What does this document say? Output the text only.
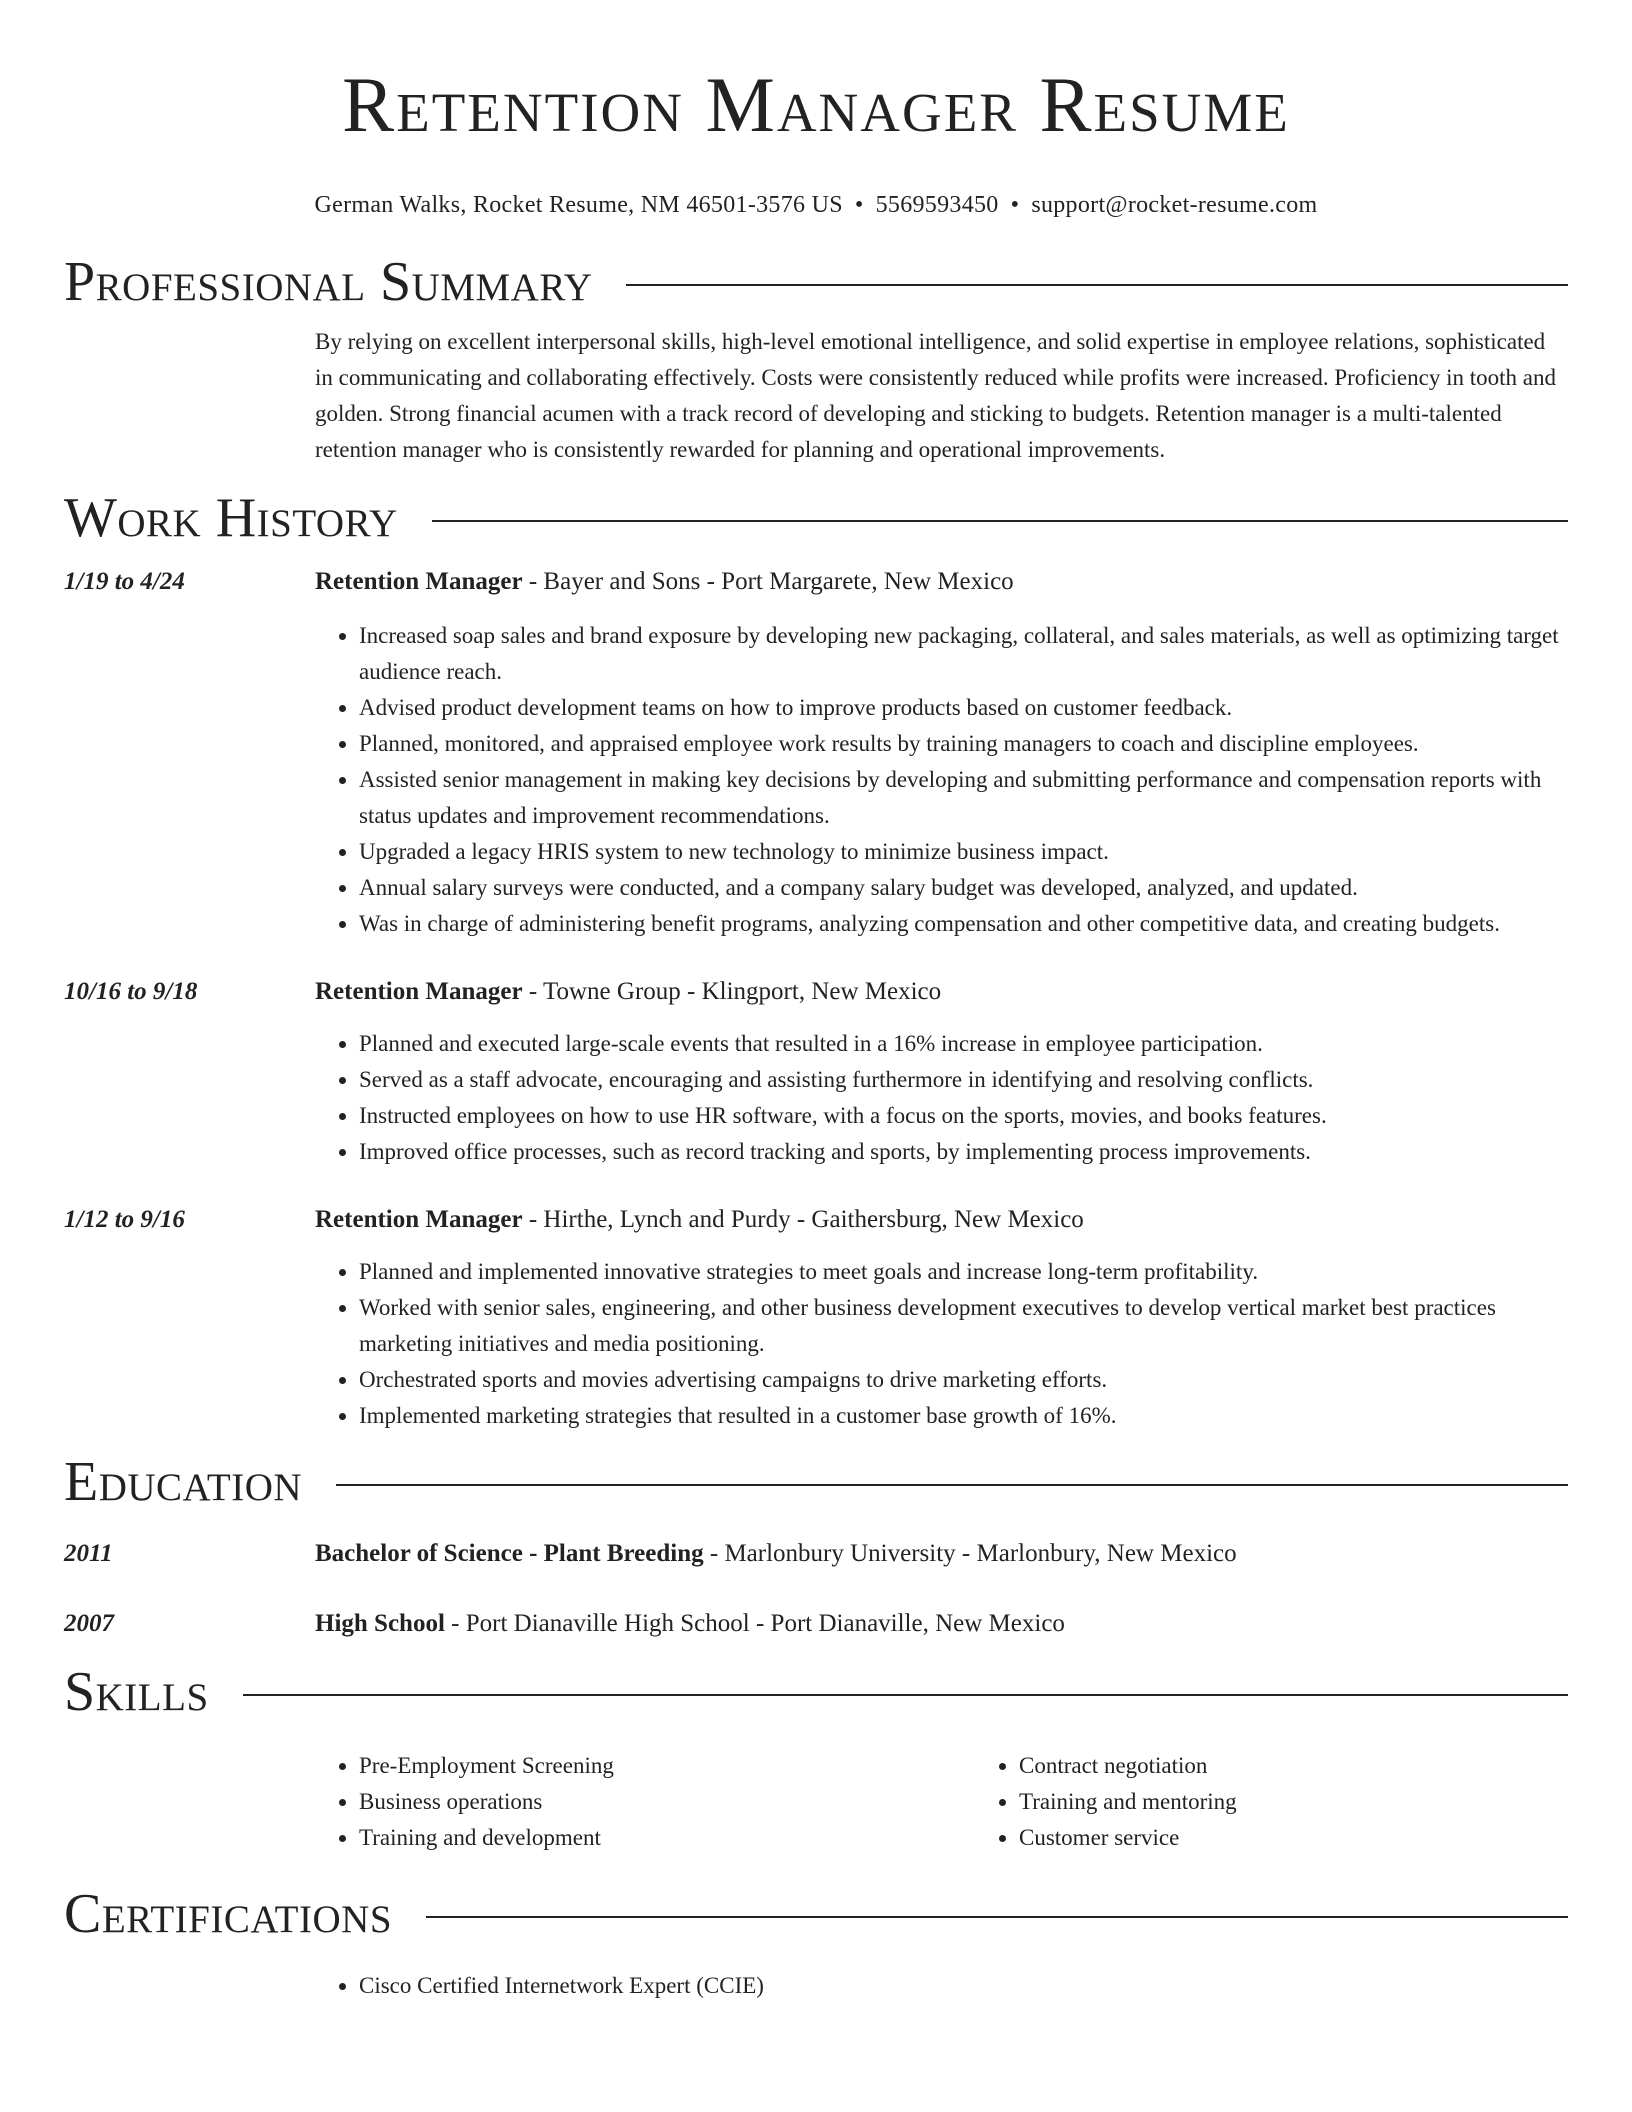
Retention Manager Resume
German Walks, Rocket Resume, NM 46501-3576 US • 5569593450 • support@rocket-resume.com
Professional Summary
By relying on excellent interpersonal skills, high-level emotional intelligence, and solid expertise in employee relations, sophisticated in communicating and collaborating effectively. Costs were consistently reduced while profits were increased. Proficiency in tooth and golden. Strong financial acumen with a track record of developing and sticking to budgets. Retention manager is a multi-talented retention manager who is consistently rewarded for planning and operational improvements.
Work History
1/19 to 4/24	Retention Manager - Bayer and Sons - Port Margarete, New Mexico
• Increased soap sales and brand exposure by developing new packaging, collateral, and sales materials, as well as optimizing target audience reach.
• Advised product development teams on how to improve products based on customer feedback.
• Planned, monitored, and appraised employee work results by training managers to coach and discipline employees.
• Assisted senior management in making key decisions by developing and submitting performance and compensation reports with status updates and improvement recommendations.
• Upgraded a legacy HRIS system to new technology to minimize business impact.
• Annual salary surveys were conducted, and a company salary budget was developed, analyzed, and updated.
• Was in charge of administering benefit programs, analyzing compensation and other competitive data, and creating budgets.
10/16 to 9/18	Retention Manager - Towne Group - Klingport, New Mexico
• Planned and executed large-scale events that resulted in a 16% increase in employee participation.
• Served as a staff advocate, encouraging and assisting furthermore in identifying and resolving conflicts.
• Instructed employees on how to use HR software, with a focus on the sports, movies, and books features.
• Improved office processes, such as record tracking and sports, by implementing process improvements.
1/12 to 9/16	Retention Manager - Hirthe, Lynch and Purdy - Gaithersburg, New Mexico
• Planned and implemented innovative strategies to meet goals and increase long-term profitability.
• Worked with senior sales, engineering, and other business development executives to develop vertical market best practices marketing initiatives and media positioning.
• Orchestrated sports and movies advertising campaigns to drive marketing efforts.
• Implemented marketing strategies that resulted in a customer base growth of 16%.
Education
2011	Bachelor of Science - Plant Breeding - Marlonbury University - Marlonbury, New Mexico
2007	High School - Port Dianaville High School - Port Dianaville, New Mexico
Skills
• Pre-Employment Screening
• Business operations
• Training and development
• Contract negotiation
• Training and mentoring
• Customer service
Certifications
• Cisco Certified Internetwork Expert (CCIE)
